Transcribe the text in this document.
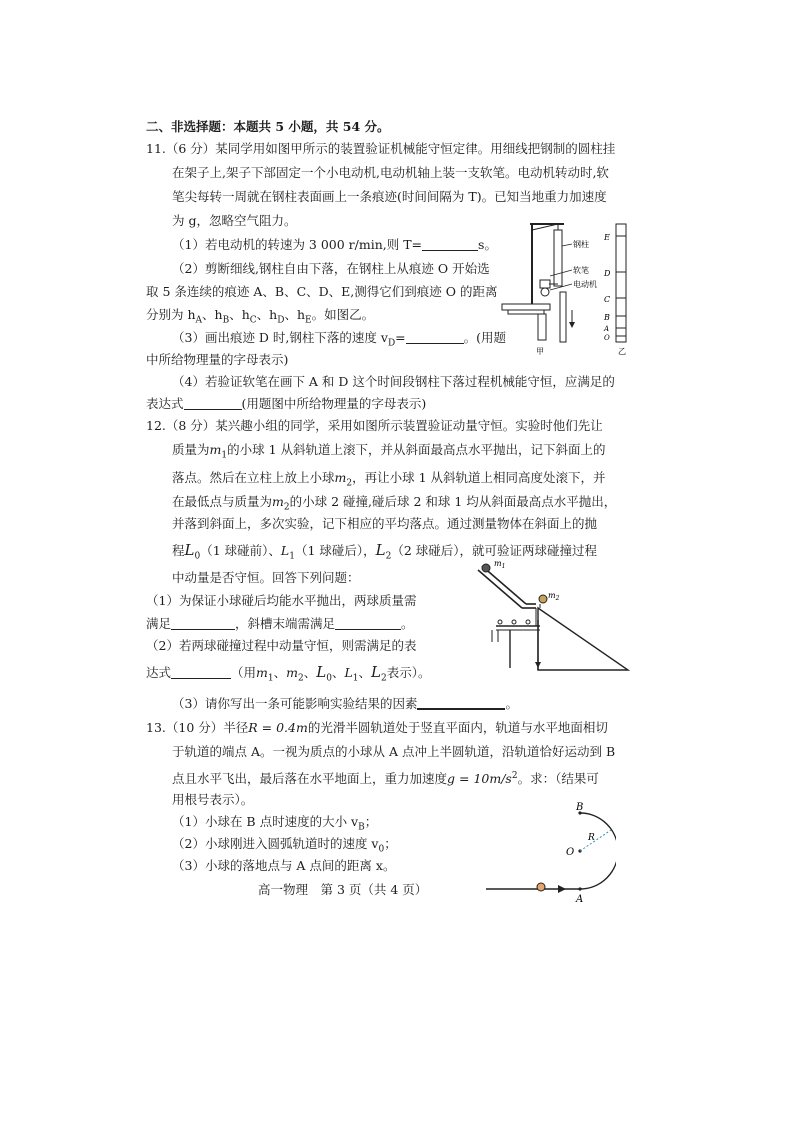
二、非选择题：本题共 5 小题，共 54 分。
11.（6 分）某同学用如图甲所示的装置验证机械能守恒定律。用细线把钢制的圆柱挂
在架子上,架子下部固定一个小电动机,电动机轴上装一支软笔。电动机转动时,软
笔尖每转一周就在钢柱表面画上一条痕迹(时间间隔为 T)。已知当地重力加速度
为 g，忽略空气阻力。
（1）若电动机的转速为 3 000 r/min,则 T=	s。
（2）剪断细线,钢柱自由下落，在钢柱上从痕迹 O 开始选
取 5 条连续的痕迹 A、B、C、D、E,测得它们到痕迹 O 的距离
分别为 $h_A$、$h_B$、$h_C$、$h_D$、$h_E$。如图乙。
（3）画出痕迹 D 时,钢柱下落的速度 $v_D=$	。(用题
中所给物理量的字母表示)
（4）若验证软笔在画下 A 和 D 这个时间段钢柱下落过程机械能守恒，应满足的
表达式	(用题图中所给物理量的字母表示)
钢柱
软笔
电动机
E
D
C
B
A
O
甲	乙
12.（8 分）某兴趣小组的同学，采用如图所示装置验证动量守恒。实验时他们先让
质量为$m_1$的小球 1 从斜轨道上滚下，并从斜面最高点水平抛出，记下斜面上的
落点。然后在立柱上放上小球$m_2$，再让小球 1 从斜轨道上相同高度处滚下，并
在最低点与质量为$m_2$的小球 2 碰撞,碰后球 2 和球 1 均从斜面最高点水平抛出，
并落到斜面上，多次实验，记下相应的平均落点。通过测量物体在斜面上的抛
程$L_0(1$ 球碰前）、$L_1(1$ 球碰后），$L_2(2$ 球碰后），就可验证两球碰撞过程
中动量是否守恒。回答下列问题：
（1）为保证小球碰后均能水平抛出，两球质量需
满足	，斜槽末端需满足	。
（2）若两球碰撞过程中动量守恒，则需满足的表
达式	（用$m_1$、$m_2$、$L_0$、$L_1$、$L_2$表示）。
（3）请你写出一条可能影响实验结果的因素	。
$m_1$
$m_2$
13.（10 分）半径R = 0.4m的光滑半圆轨道处于竖直平面内，轨道与水平地面相切
于轨道的端点 A。一视为质点的小球从 A 点冲上半圆轨道，沿轨道恰好运动到 B
点且水平飞出，最后落在水平地面上，重力加速度$g = 10m/s^2$。求：（结果可
用根号表示）。
（1）小球在 B 点时速度的大小 $v_B$；
（2）小球刚进入圆弧轨道时的速度 $v_0$；
（3）小球的落地点与 A 点间的距离 x。
B
R
O
A
高一物理　第 3 页（共 4 页）
